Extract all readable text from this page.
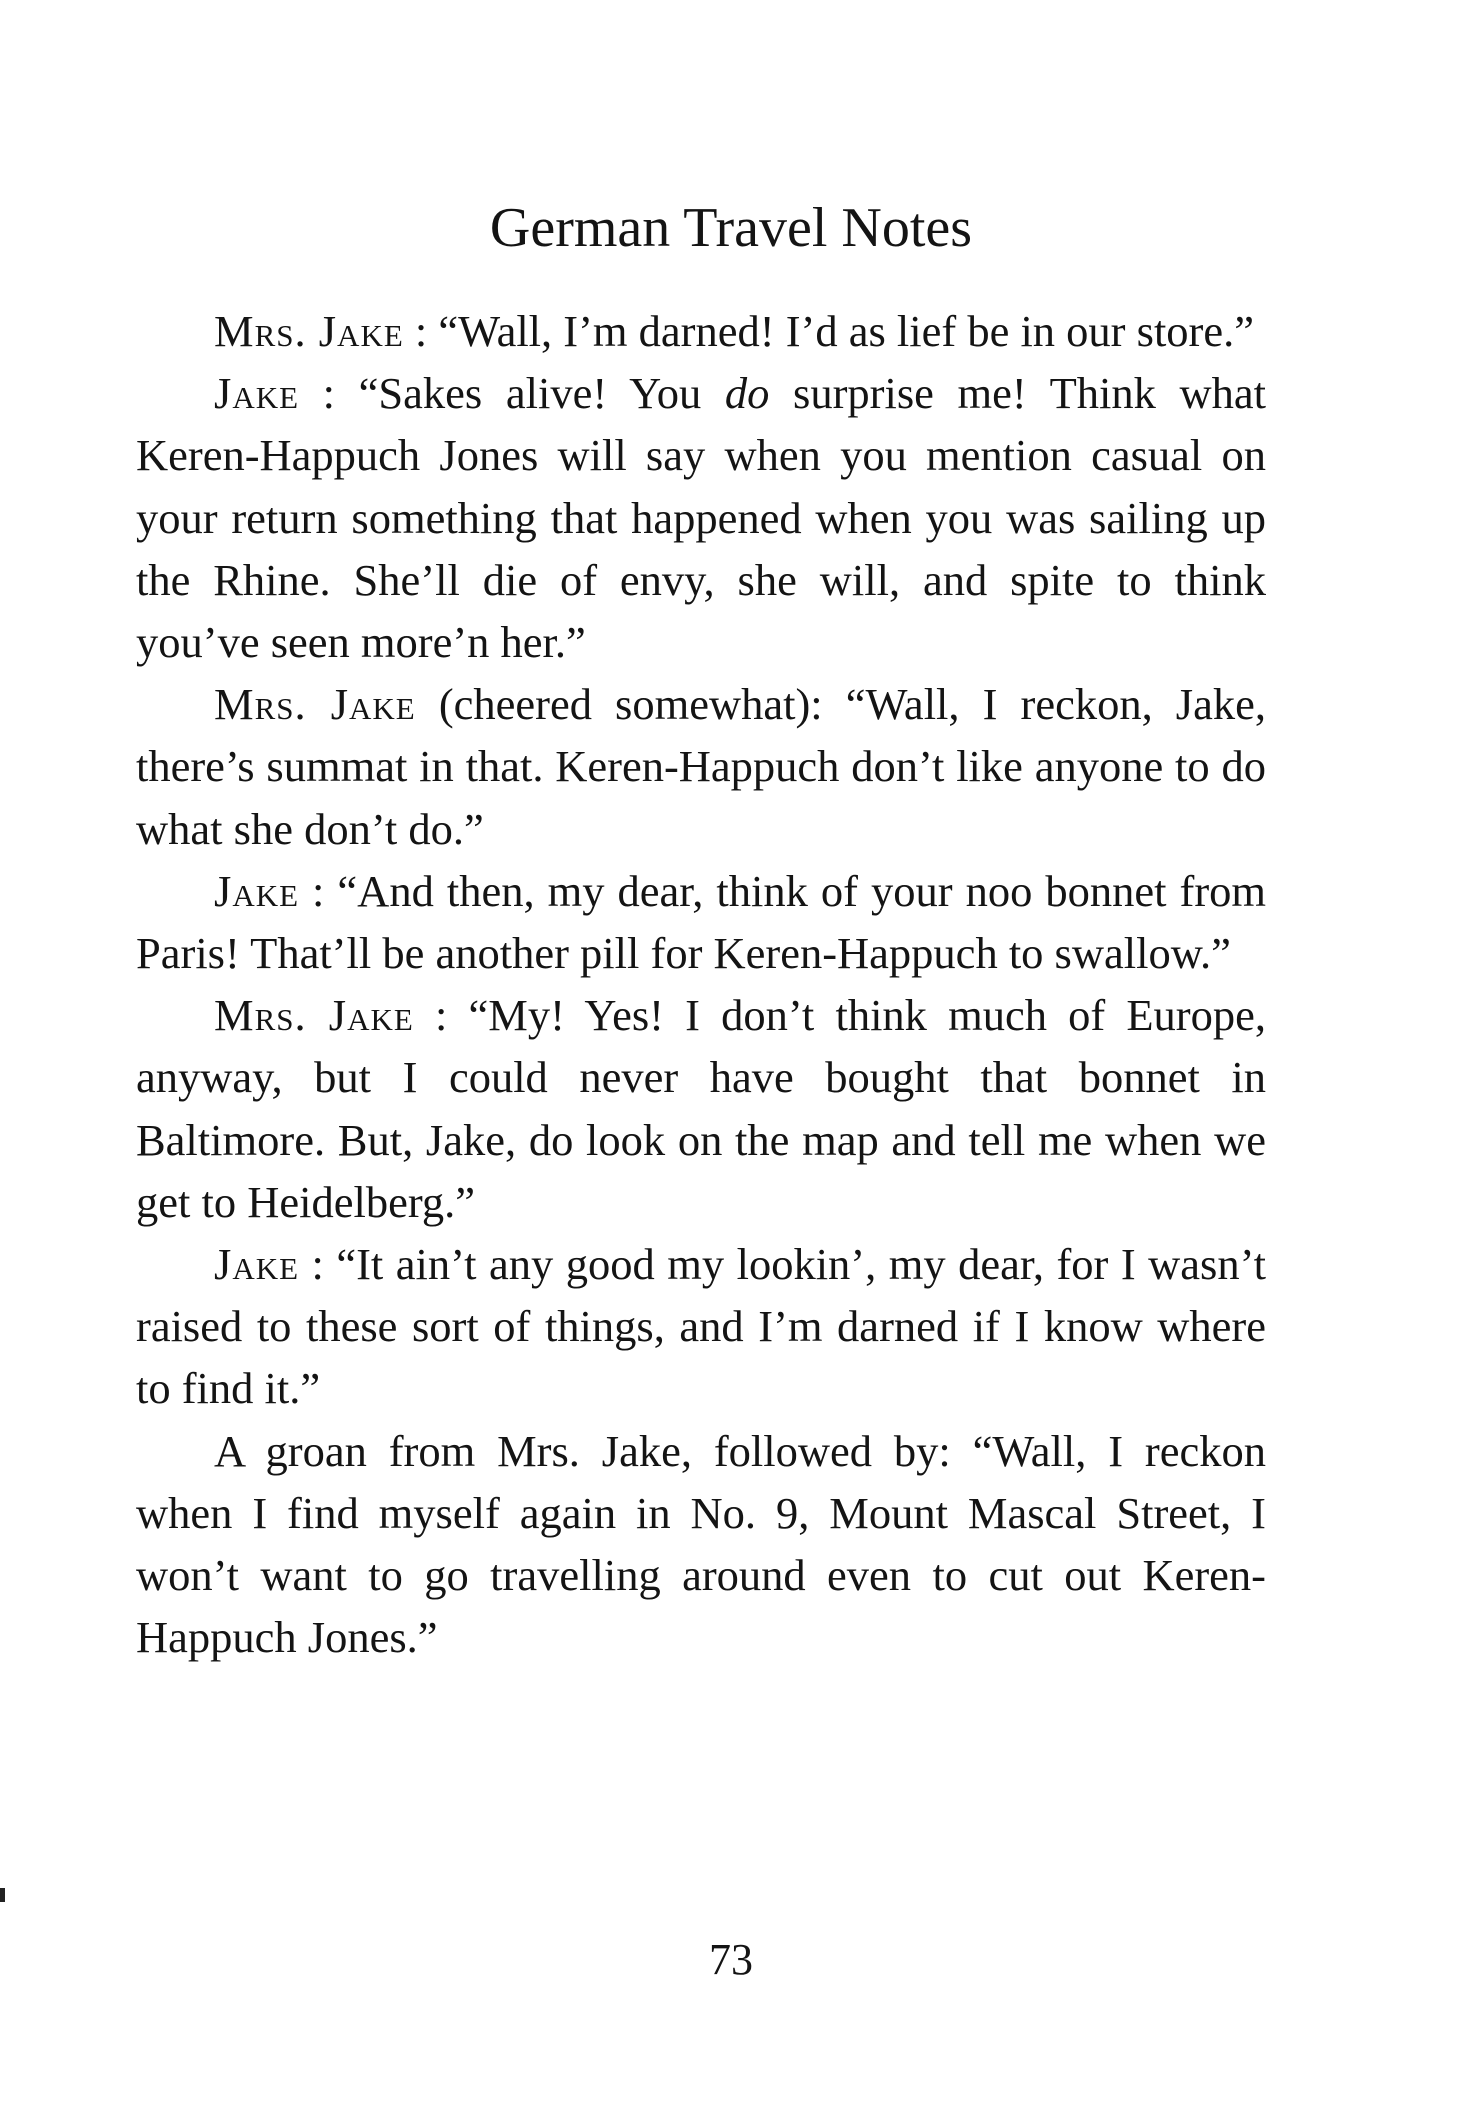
German Travel Notes

Mrs. Jake : “Wall, I’m darned! I’d as lief be in our store.”

Jake : “Sakes alive! You do surprise me! Think what Keren-Happuch Jones will say when you mention casual on your return something that happened when you was sailing up the Rhine. She’ll die of envy, she will, and spite to think you’ve seen more’n her.”

Mrs. Jake (cheered somewhat): “Wall, I reckon, Jake, there’s summat in that. Keren-Happuch don’t like anyone to do what she don’t do.”

Jake : “And then, my dear, think of your noo bonnet from Paris! That’ll be another pill for Keren-Happuch to swallow.”

Mrs. Jake : “My! Yes! I don’t think much of Europe, anyway, but I could never have bought that bonnet in Baltimore. But, Jake, do look on the map and tell me when we get to Heidelberg.”

Jake : “It ain’t any good my lookin’, my dear, for I wasn’t raised to these sort of things, and I’m darned if I know where to find it.”

A groan from Mrs. Jake, followed by: “Wall, I reckon when I find myself again in No. 9, Mount Mascal Street, I won’t want to go travelling around even to cut out Keren-Happuch Jones.”

73
